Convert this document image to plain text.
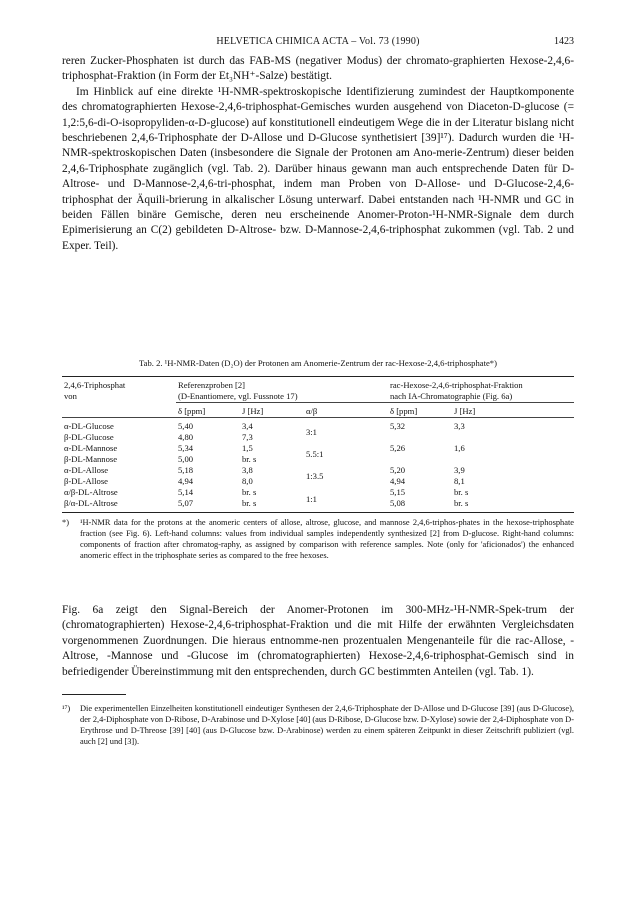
HELVETICA CHIMICA ACTA – Vol. 73 (1990)	1423

reren Zucker-Phosphaten ist durch das FAB-MS (negativer Modus) der chromato-graphierten Hexose-2,4,6-triphosphat-Fraktion (in Form der Et₃NH⁺-Salze) bestätigt.

Im Hinblick auf eine direkte ¹H-NMR-spektroskopische Identifizierung zumindest der Hauptkomponente des chromatographierten Hexose-2,4,6-triphosphat-Gemisches wurden ausgehend von Diaceton-D-glucose (= 1,2:5,6-di-O-isopropyliden-α-D-glucose) auf konstitutionell eindeutigem Wege die in der Literatur bislang nicht beschriebenen 2,4,6-Triphosphate der D-Allose und D-Glucose synthetisiert [39]¹⁷). Dadurch wurden die ¹H-NMR-spektroskopischen Daten (insbesondere die Signale der Protonen am Ano-merie-Zentrum) dieser beiden 2,4,6-Triphosphate zugänglich (vgl. Tab. 2). Darüber hinaus gewann man auch entsprechende Daten für D-Altrose- und D-Mannose-2,4,6-tri-phosphat, indem man Proben von D-Allose- und D-Glucose-2,4,6-triphosphat der Äquili-brierung in alkalischer Lösung unterwarf. Dabei entstanden nach ¹H-NMR und GC in beiden Fällen binäre Gemische, deren neu erscheinende Anomer-Proton-¹H-NMR-Signale dem durch Epimerisierung an C(2) gebildeten D-Altrose- bzw. D-Mannose-2,4,6-triphosphat zukommen (vgl. Tab. 2 und Exper. Teil).

Tab. 2. ¹H-NMR-Daten (D₂O) der Protonen am Anomerie-Zentrum der rac-Hexose-2,4,6-triphosphate*)
2,4,6-Triphosphat	Referenzproben [2]			rac-Hexose-2,4,6-triphosphat-Fraktion	
von	(D-Enantiomere, vgl. Fussnote 17)			nach IA-Chromatographie (Fig. 6a)	
	δ [ppm]	J [Hz]	α/β	δ [ppm]	J [Hz]
α-DL-Glucose	5,40	3,4	3:1	5,32	3,3
β-DL-Glucose	4,80	7,3			
α-DL-Mannose	5,34	1,5	5.5:1	5,26	1,6
β-DL-Mannose	5,00	br. s			
α-DL-Allose	5,18	3,8	1:3.5	5,20	3,9
β-DL-Allose	4,94	8,0		4,94	8,1
α/β-DL-Altrose	5,14	br. s	1:1	5,15	br. s
β/α-DL-Altrose	5,07	br. s		5,08	br. s
*) ¹H-NMR data for the protons at the anomeric centers of allose, altrose, glucose, and mannose 2,4,6-triphos-phates in the hexose-triphosphate fraction (see Fig. 6). Left-hand columns: values from individual samples independently synthesized [2] from D-glucose. Right-hand columns: components of fraction after chromatog-raphy, as assigned by comparison with reference samples. Note (only for 'aficionados') the enhanced anomeric effect in the triphosphate series as compared to the free hexoses.
Fig. 6a zeigt den Signal-Bereich der Anomer-Protonen im 300-MHz-¹H-NMR-Spek-trum der (chromatographierten) Hexose-2,4,6-triphosphat-Fraktion und die mit Hilfe der erwähnten Vergleichsdaten vorgenommenen Zuordnungen. Die hieraus entnomme-nen prozentualen Mengenanteile für die rac-Allose, -Altrose, -Mannose und -Glucose im (chromatographierten) Hexose-2,4,6-triphosphat-Gemisch sind in befriedigender Übereinstimmung mit den entsprechenden, durch GC bestimmten Anteilen (vgl. Tab. 1).
¹⁷) Die experimentellen Einzelheiten konstitutionell eindeutiger Synthesen der 2,4,6-Triphosphate der D-Allose und D-Glucose [39] (aus D-Glucose), der 2,4-Diphosphate von D-Ribose, D-Arabinose und D-Xylose [40] (aus D-Ribose, D-Glucose bzw. D-Xylose) sowie der 2,4-Diphosphate von D-Erythrose und D-Threose [39] [40] (aus D-Glucose bzw. D-Arabinose) werden zu einem späteren Zeitpunkt in dieser Zeitschrift publiziert (vgl. auch [2] und [3]).
